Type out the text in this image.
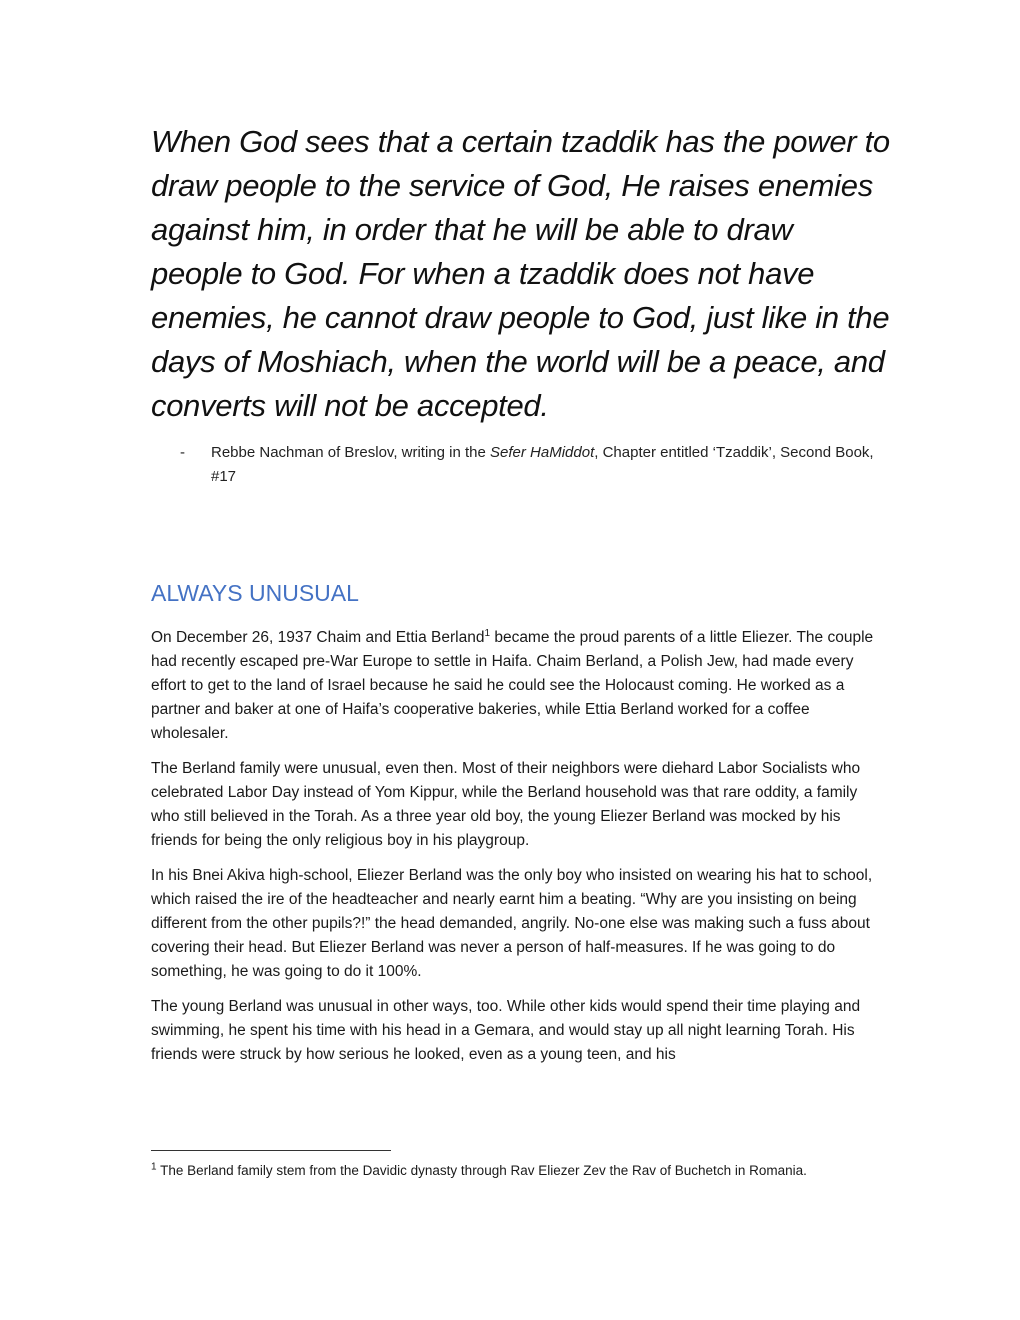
When God sees that a certain tzaddik has the power to draw people to the service of God, He raises enemies against him, in order that he will be able to draw people to God. For when a tzaddik does not have enemies, he cannot draw people to God, just like in the days of Moshiach, when the world will be a peace, and converts will not be accepted.

- Rebbe Nachman of Breslov, writing in the Sefer HaMiddot, Chapter entitled ‘Tzaddik’, Second Book, #17
ALWAYS UNUSUAL

On December 26, 1937 Chaim and Ettia Berland$^1$ became the proud parents of a little Eliezer. The couple had recently escaped pre-War Europe to settle in Haifa. Chaim Berland, a Polish Jew, had made every effort to get to the land of Israel because he said he could see the Holocaust coming. He worked as a partner and baker at one of Haifa’s cooperative bakeries, while Ettia Berland worked for a coffee wholesaler.

The Berland family were unusual, even then. Most of their neighbors were diehard Labor Socialists who celebrated Labor Day instead of Yom Kippur, while the Berland household was that rare oddity, a family who still believed in the Torah. As a three year old boy, the young Eliezer Berland was mocked by his friends for being the only religious boy in his playgroup.

In his Bnei Akiva high-school, Eliezer Berland was the only boy who insisted on wearing his hat to school, which raised the ire of the headteacher and nearly earnt him a beating. “Why are you insisting on being different from the other pupils?!” the head demanded, angrily. No-one else was making such a fuss about covering their head. But Eliezer Berland was never a person of half-measures. If he was going to do something, he was going to do it 100%.

The young Berland was unusual in other ways, too. While other kids would spend their time playing and swimming, he spent his time with his head in a Gemara, and would stay up all night learning Torah. His friends were struck by how serious he looked, even as a young teen, and his

$^1$ The Berland family stem from the Davidic dynasty through Rav Eliezer Zev the Rav of Buchetch in Romania.
